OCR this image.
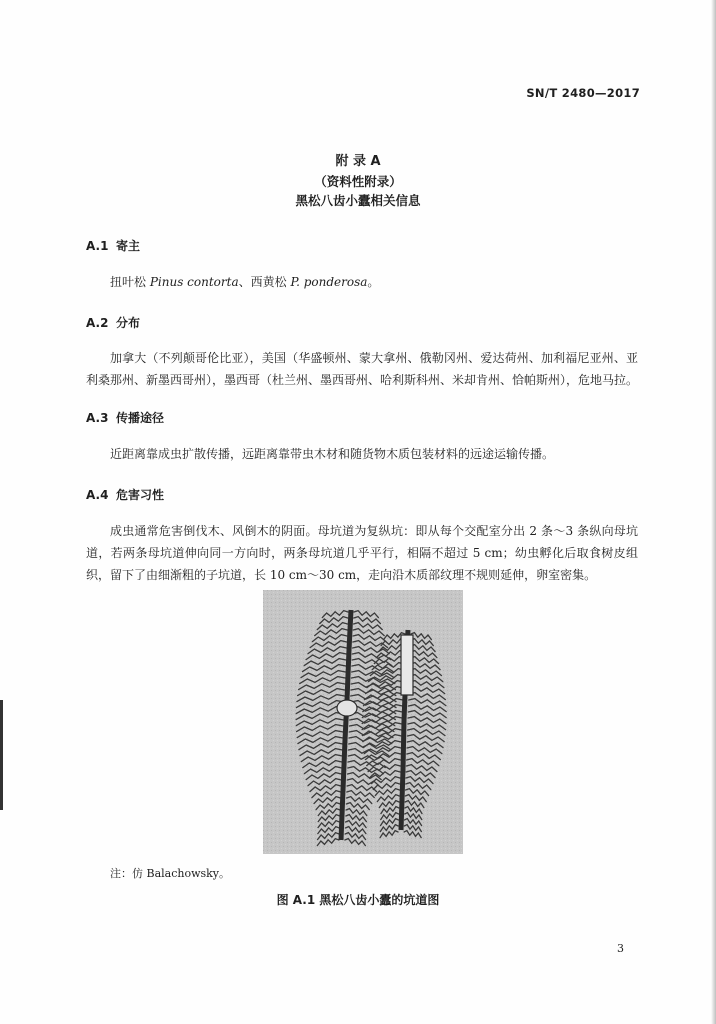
SN/T 2480—2017
附 录 A
（资料性附录）
黑松八齿小蠹相关信息
A.1 寄主
扭叶松 Pinus contorta、西黄松 P. ponderosa。
A.2 分布
加拿大（不列颠哥伦比亚），美国（华盛顿州、蒙大拿州、俄勒冈州、爱达荷州、加利福尼亚州、亚利桑那州、新墨西哥州），墨西哥（杜兰州、墨西哥州、哈利斯科州、米却肯州、恰帕斯州），危地马拉。
A.3 传播途径
近距离靠成虫扩散传播，远距离靠带虫木材和随货物木质包装材料的远途运输传播。
A.4 危害习性
成虫通常危害倒伐木、风倒木的阴面。母坑道为复纵坑：即从每个交配室分出 2 条～3 条纵向母坑道，若两条母坑道伸向同一方向时，两条母坑道几乎平行，相隔不超过 5 cm；幼虫孵化后取食树皮组织，留下了由细渐粗的子坑道，长 10 cm～30 cm，走向沿木质部纹理不规则延伸，卵室密集。
注：仿 Balachowsky。
图 A.1 黑松八齿小蠹的坑道图
3
